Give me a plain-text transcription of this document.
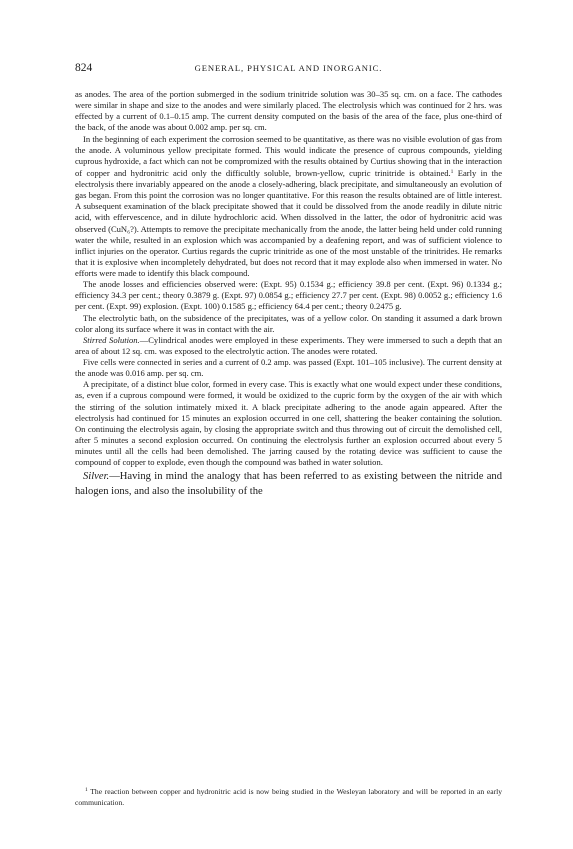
824	GENERAL, PHYSICAL AND INORGANIC.

as anodes. The area of the portion submerged in the sodium trinitride solution was 30–35 sq. cm. on a face. The cathodes were similar in shape and size to the anodes and were similarly placed. The electrolysis which was continued for 2 hrs. was effected by a current of 0.1–0.15 amp. The current density computed on the basis of the area of the face, plus one-third of the back, of the anode was about 0.002 amp. per sq. cm.

In the beginning of each experiment the corrosion seemed to be quantitative, as there was no visible evolution of gas from the anode. A voluminous yellow precipitate formed. This would indicate the presence of cuprous compounds, yielding cuprous hydroxide, a fact which can not be compromized with the results obtained by Curtius showing that in the interaction of copper and hydronitric acid only the difficultly soluble, brown-yellow, cupric trinitride is obtained.$^1$ Early in the electrolysis there invariably appeared on the anode a closely-adhering, black precipitate, and simultaneously an evolution of gas began. From this point the corrosion was no longer quantitative. For this reason the results obtained are of little interest. A subsequent examination of the black precipitate showed that it could be dissolved from the anode readily in dilute nitric acid, with effervescence, and in dilute hydrochloric acid. When dissolved in the latter, the odor of hydronitric acid was observed (CuN₆?). Attempts to remove the precipitate mechanically from the anode, the latter being held under cold running water the while, resulted in an explosion which was accompanied by a deafening report, and was of sufficient violence to inflict injuries on the operator. Curtius regards the cupric trinitride as one of the most unstable of the trinitrides. He remarks that it is explosive when incompletely dehydrated, but does not record that it may explode also when immersed in water. No efforts were made to identify this black compound.

The anode losses and efficiencies observed were: (Expt. 95) 0.1534 g.; efficiency 39.8 per cent. (Expt. 96) 0.1334 g.; efficiency 34.3 per cent.; theory 0.3879 g. (Expt. 97) 0.0854 g.; efficiency 27.7 per cent. (Expt. 98) 0.0052 g.; efficiency 1.6 per cent. (Expt. 99) explosion. (Expt. 100) 0.1585 g.; efficiency 64.4 per cent.; theory 0.2475 g.

The electrolytic bath, on the subsidence of the precipitates, was of a yellow color. On standing it assumed a dark brown color along its surface where it was in contact with the air.

Stirred Solution.—Cylindrical anodes were employed in these experiments. They were immersed to such a depth that an area of about 12 sq. cm. was exposed to the electrolytic action. The anodes were rotated.

Five cells were connected in series and a current of 0.2 amp. was passed (Expt. 101–105 inclusive). The current density at the anode was 0.016 amp. per sq. cm.

A precipitate, of a distinct blue color, formed in every case. This is exactly what one would expect under these conditions, as, even if a cuprous compound were formed, it would be oxidized to the cupric form by the oxygen of the air with which the stirring of the solution intimately mixed it. A black precipitate adhering to the anode again appeared. After the electrolysis had continued for 15 minutes an explosion occurred in one cell, shattering the beaker containing the solution. On continuing the electrolysis again, by closing the appropriate switch and thus throwing out of circuit the demolished cell, after 5 minutes a second explosion occurred. On continuing the electrolysis further an explosion occurred about every 5 minutes until all the cells had been demolished. The jarring caused by the rotating device was sufficient to cause the compound of copper to explode, even though the compound was bathed in water solution.

Silver.—Having in mind the analogy that has been referred to as existing between the nitride and halogen ions, and also the insolubility of the

$^1$ The reaction between copper and hydronitric acid is now being studied in the Wesleyan laboratory and will be reported in an early communication.
